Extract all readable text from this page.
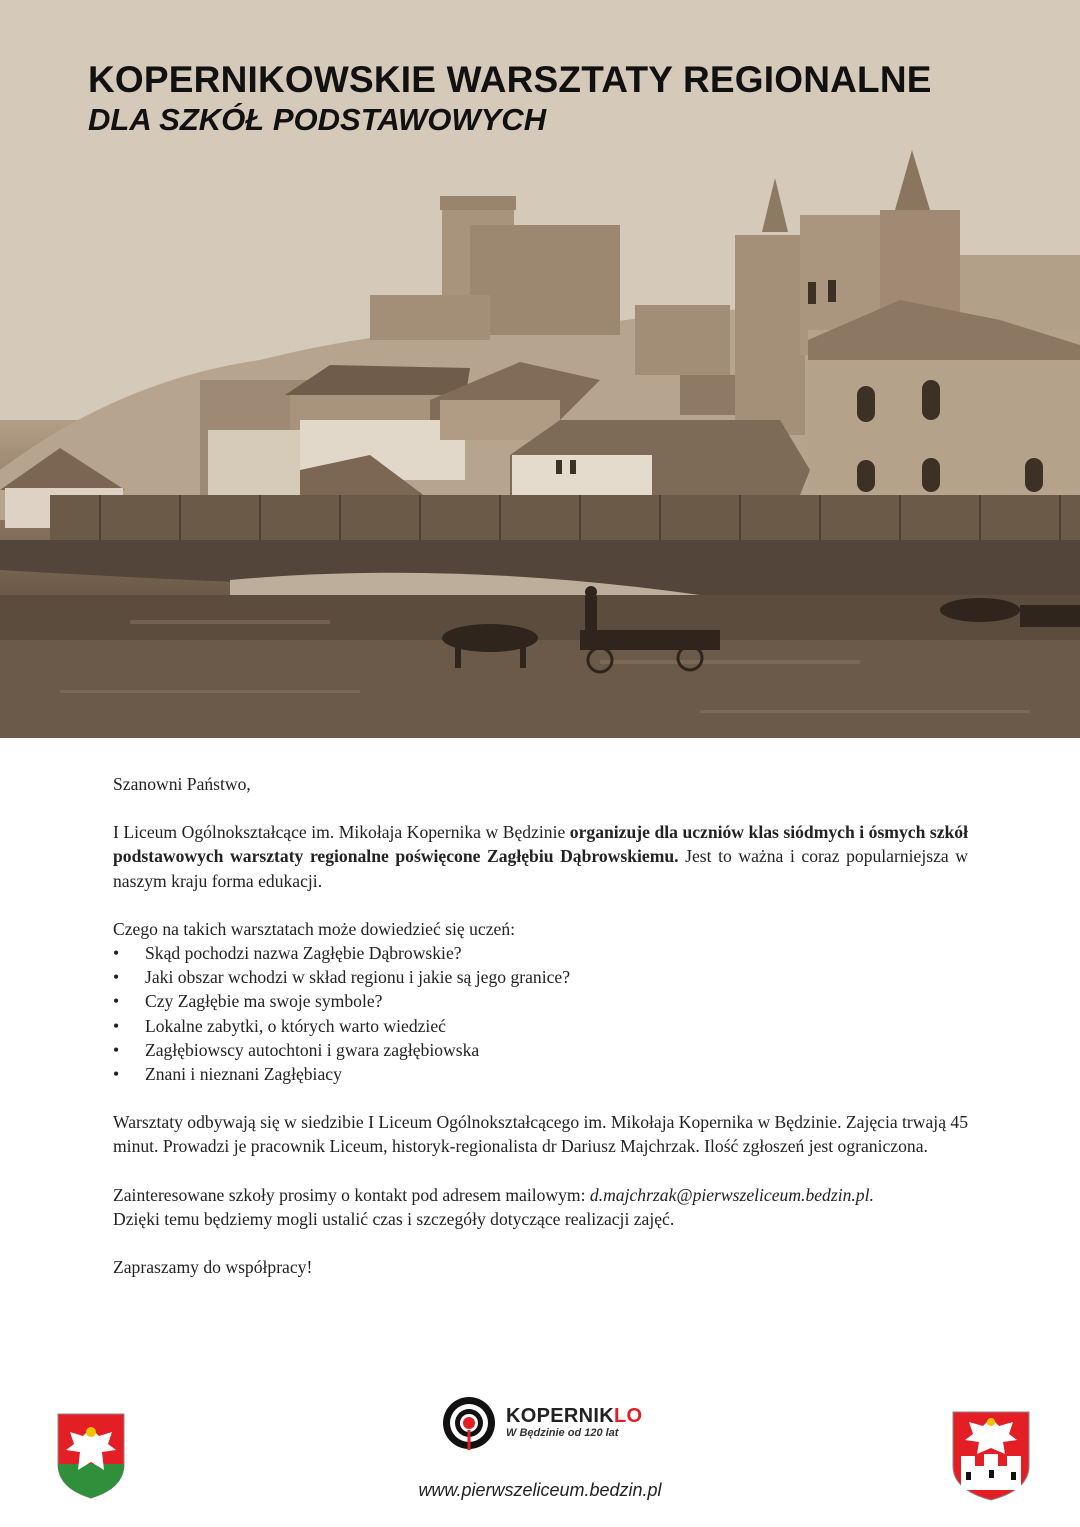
KOPERNIKOWSKIE WARSZTATY REGIONALNE
DLA SZKÓŁ PODSTAWOWYCH

Szanowni Państwo,

I Liceum Ogólnokształcące im. Mikołaja Kopernika w Będzinie organizuje dla uczniów klas siódmych i ósmych szkół podstawowych warsztaty regionalne poświęcone Zagłębiu Dąbrowskiemu. Jest to ważna i coraz popularniejsza w naszym kraju forma edukacji.

Czego na takich warsztatach może dowiedzieć się uczeń:

• Skąd pochodzi nazwa Zagłębie Dąbrowskie?
• Jaki obszar wchodzi w skład regionu i jakie są jego granice?
• Czy Zagłębie ma swoje symbole?
• Lokalne zabytki, o których warto wiedzieć
• Zagłębiowscy autochtoni i gwara zagłębiowska
• Znani i nieznani Zagłębiacy

Warsztaty odbywają się w siedzibie I Liceum Ogólnokształcącego im. Mikołaja Kopernika w Będzinie. Zajęcia trwają 45 minut. Prowadzi je pracownik Liceum, historyk-regionalista dr Dariusz Majchrzak. Ilość zgłoszeń jest ograniczona.

Zainteresowane szkoły prosimy o kontakt pod adresem mailowym: d.majchrzak@pierwszeliceum.bedzin.pl.

Dzięki temu będziemy mogli ustalić czas i szczegóły dotyczące realizacji zajęć.

Zapraszamy do współpracy!

KOPERNIKLO
W Będzinie od 120 lat
www.pierwszeliceum.bedzin.pl
